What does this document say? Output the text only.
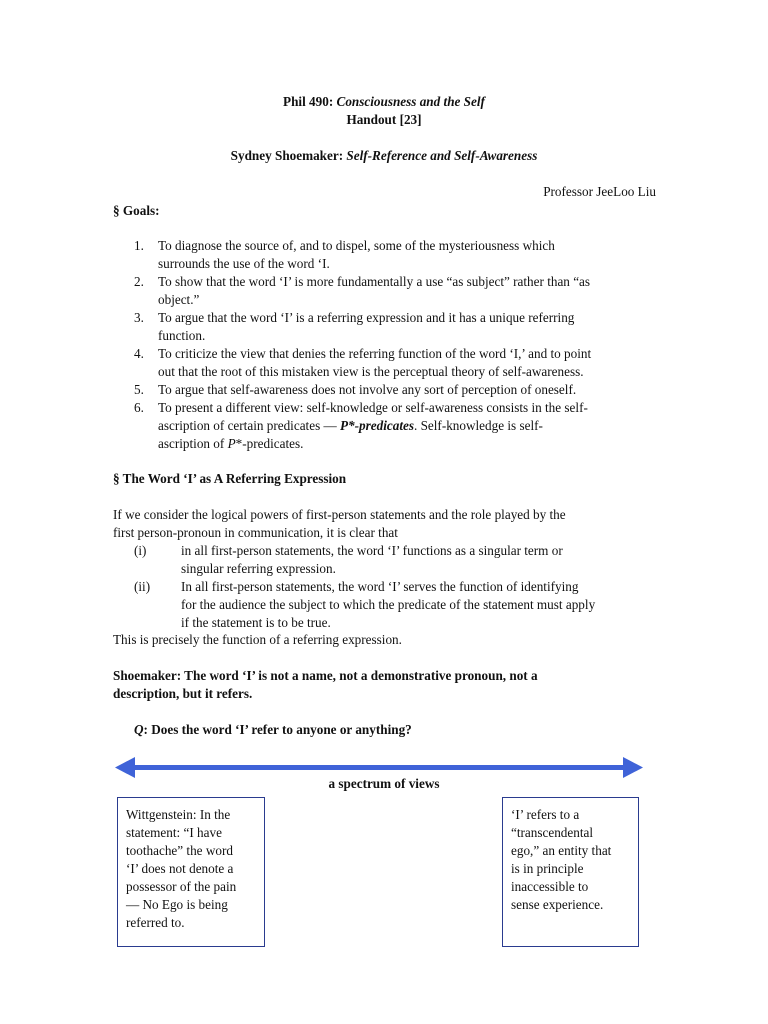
Phil 490: Consciousness and the Self
Handout [23]
Sydney Shoemaker: Self-Reference and Self-Awareness
Professor JeeLoo Liu
§ Goals:
1. To diagnose the source of, and to dispel, some of the mysteriousness which
surrounds the use of the word ‘I.
2. To show that the word ‘I’ is more fundamentally a use “as subject” rather than “as
object.”
3. To argue that the word ‘I’ is a referring expression and it has a unique referring
function.
4. To criticize the view that denies the referring function of the word ‘I,’ and to point
out that the root of this mistaken view is the perceptual theory of self-awareness.
5. To argue that self-awareness does not involve any sort of perception of oneself.
6. To present a different view: self-knowledge or self-awareness consists in the self-
ascription of certain predicates — P*-predicates. Self-knowledge is self-
ascription of P*-predicates.
§ The Word ‘I’ as A Referring Expression
If we consider the logical powers of first-person statements and the role played by the
first person-pronoun in communication, it is clear that
(i)	in all first-person statements, the word ‘I’ functions as a singular term or
singular referring expression.
(ii) In all first-person statements, the word ‘I’ serves the function of identifying
for the audience the subject to which the predicate of the statement must apply
if the statement is to be true.
This is precisely the function of a referring expression.
Shoemaker: The word ‘I’ is not a name, not a demonstrative pronoun, not a
description, but it refers.
Q: Does the word ‘I’ refer to anyone or anything?
a spectrum of views
Wittgenstein: In the
statement: “I have
toothache” the word
‘I’ does not denote a
possessor of the pain
— No Ego is being
referred to.
‘I’ refers to a
“transcendental
ego,” an entity that
is in principle
inaccessible to
sense experience.
